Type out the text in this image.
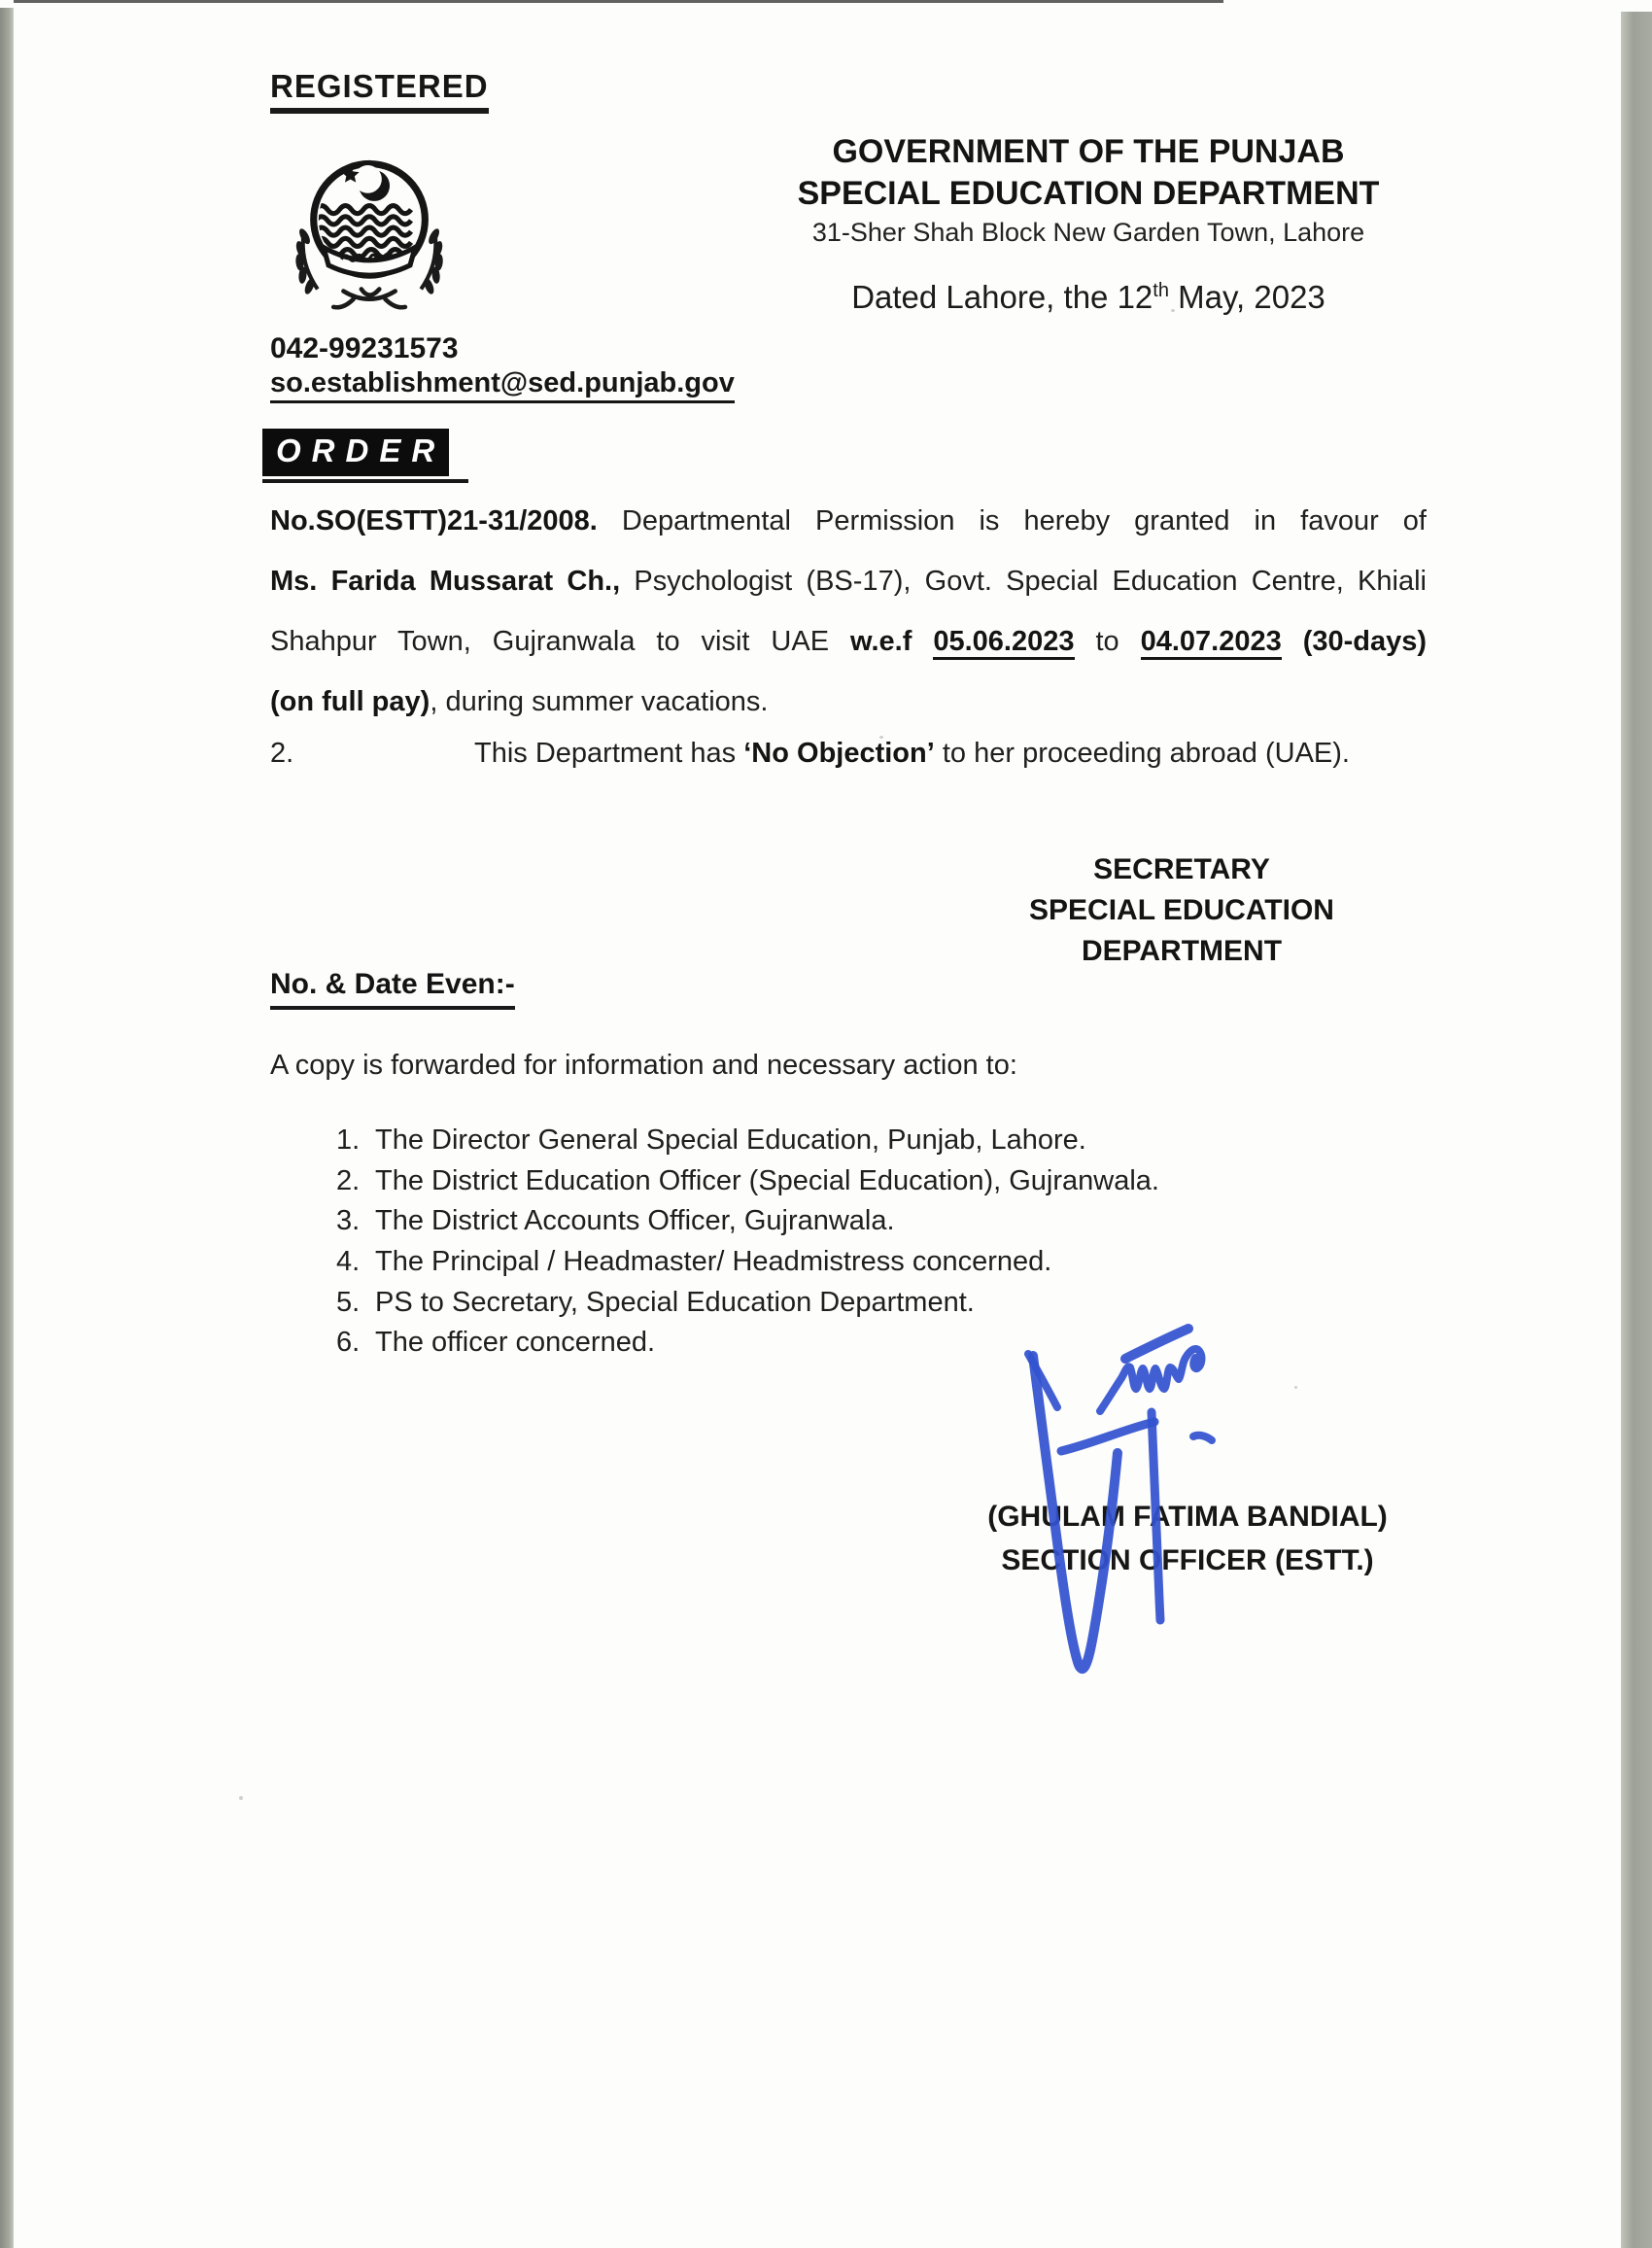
REGISTERED
GOVERNMENT OF THE PUNJAB
SPECIAL EDUCATION DEPARTMENT
31-Sher Shah Block New Garden Town, Lahore
Dated Lahore, the 12th May, 2023
042-99231573
so.establishment@sed.punjab.gov
ORDER
No.SO(ESTT)21-31/2008. Departmental Permission is hereby granted in favour of
Ms. Farida Mussarat Ch., Psychologist (BS-17), Govt. Special Education Centre, Khiali
Shahpur Town, Gujranwala to visit UAE w.e.f 05.06.2023 to 04.07.2023 (30-days)
(on full pay), during summer vacations.
2.	This Department has ‘No Objection’ to her proceeding abroad (UAE).
SECRETARY
SPECIAL EDUCATION
DEPARTMENT
No. & Date Even:-
A copy is forwarded for information and necessary action to:
1. The Director General Special Education, Punjab, Lahore.
2. The District Education Officer (Special Education), Gujranwala.
3. The District Accounts Officer, Gujranwala.
4. The Principal / Headmaster/ Headmistress concerned.
5. PS to Secretary, Special Education Department.
6. The officer concerned.
(GHULAM FATIMA BANDIAL)
SECTION OFFICER (ESTT.)
